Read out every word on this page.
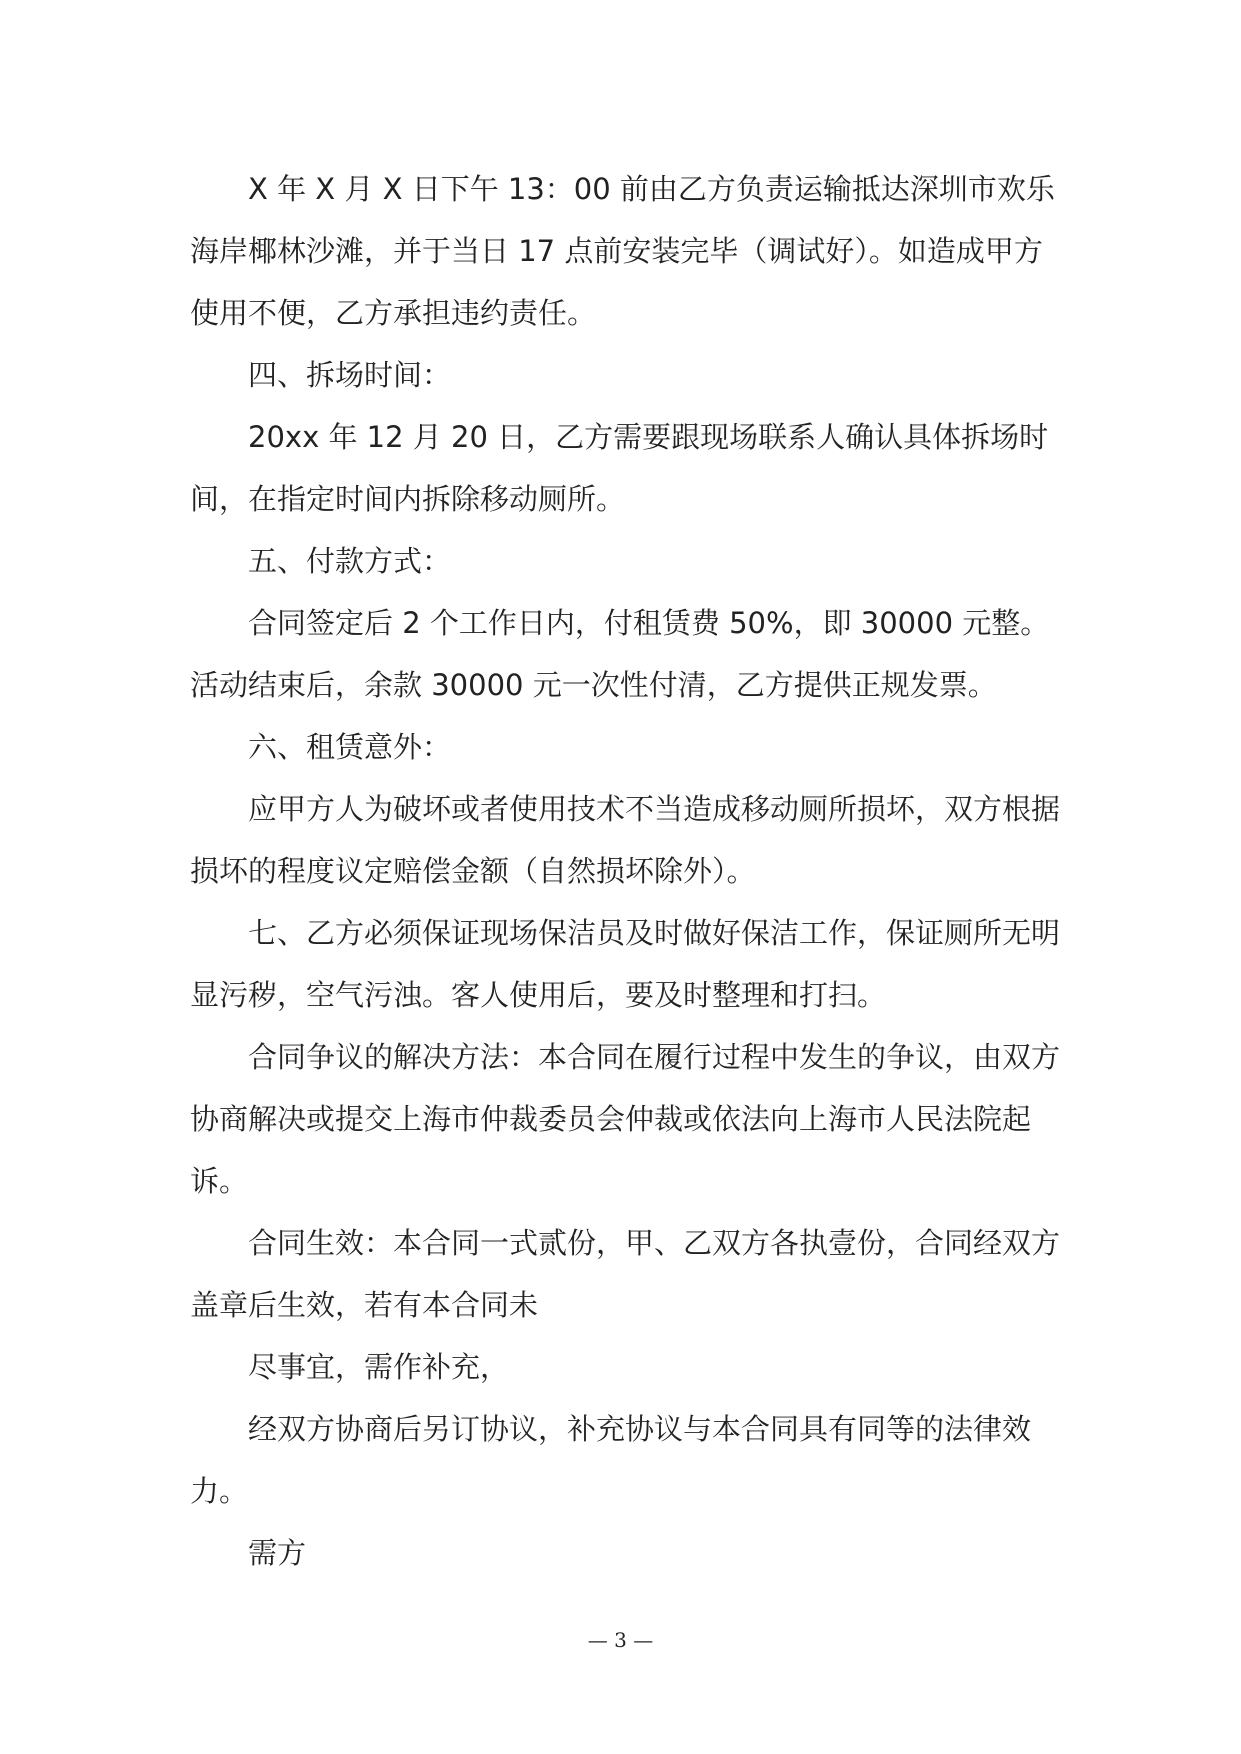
X 年 X 月 X 日下午 13：00 前由乙方负责运输抵达深圳市欢乐海岸椰林沙滩，并于当日 17 点前安装完毕（调试好）。如造成甲方使用不便，乙方承担违约责任。

四、拆场时间：

20xx 年 12 月 20 日，乙方需要跟现场联系人确认具体拆场时间，在指定时间内拆除移动厕所。

五、付款方式：

合同签定后 2 个工作日内，付租赁费 50%，即 30000 元整。活动结束后，余款 30000 元一次性付清，乙方提供正规发票。

六、租赁意外：

应甲方人为破坏或者使用技术不当造成移动厕所损坏，双方根据损坏的程度议定赔偿金额（自然损坏除外）。

七、乙方必须保证现场保洁员及时做好保洁工作，保证厕所无明显污秽，空气污浊。客人使用后，要及时整理和打扫。

合同争议的解决方法：本合同在履行过程中发生的争议，由双方协商解决或提交上海市仲裁委员会仲裁或依法向上海市人民法院起诉。

合同生效：本合同一式贰份，甲、乙双方各执壹份，合同经双方盖章后生效，若有本合同未

尽事宜，需作补充，

经双方协商后另订协议，补充协议与本合同具有同等的法律效力。

需方

— 3 —
